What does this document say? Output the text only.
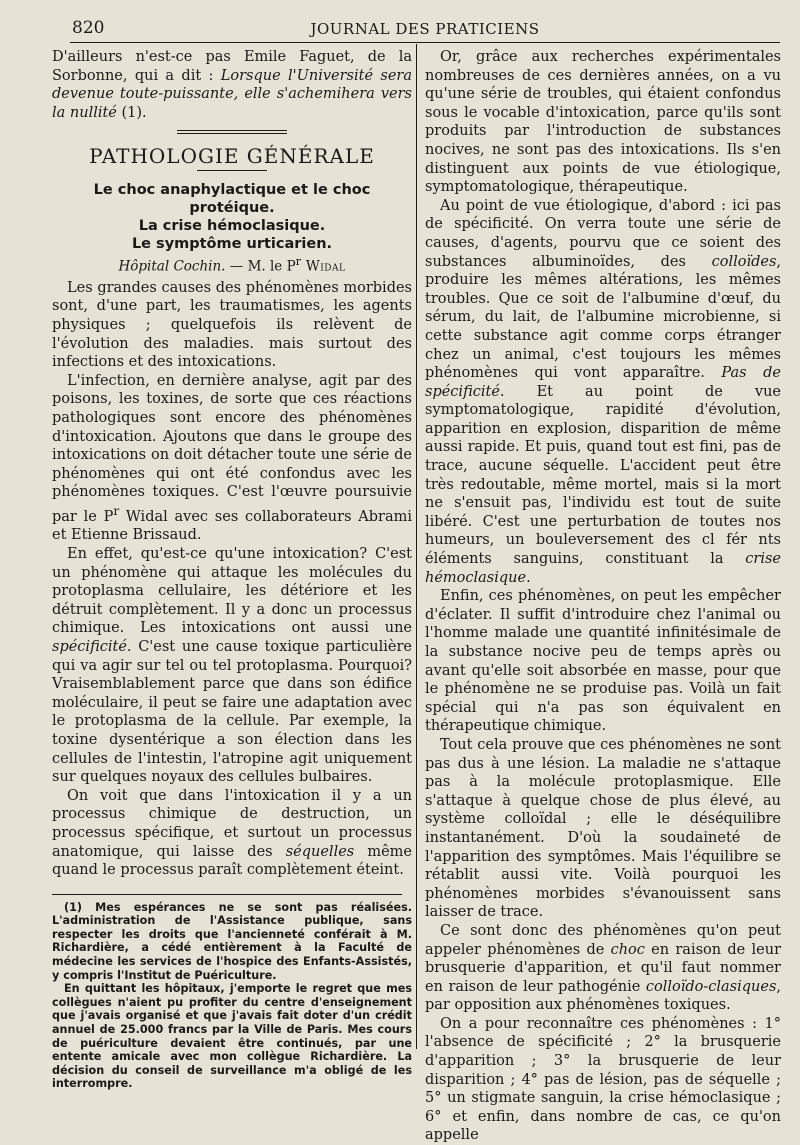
820	JOURNAL DES PRATICIENS

D'ailleurs n'est-ce pas Emile Faguet, de la Sorbonne, qui a dit : Lorsque l'Université sera devenue toute-puissante, elle s'achemihera vers la nullité (1).

PATHOLOGIE GÉNÉRALE
Le choc anaphylactique et le choc protéique.
La crise hémoclasique.
Le symptôme urticarien.
Hôpital Cochin. — M. le $P^r$ Widal

Les grandes causes des phénomènes morbides sont, d'une part, les traumatismes, les agents physiques ; quelquefois ils relèvent de l'évolution des maladies. mais surtout des infections et des intoxications.

L'infection, en dernière analyse, agit par des poisons, les toxines, de sorte que ces réactions pathologiques sont encore des phénomènes d'intoxication. Ajoutons que dans le groupe des intoxications on doit détacher toute une série de phénomènes qui ont été confondus avec les phénomènes toxiques. C'est l'œuvre poursuivie par le $P^r$ Widal avec ses collaborateurs Abrami et Etienne Brissaud.

En effet, qu'est-ce qu'une intoxication? C'est un phénomène qui attaque les molécules du protoplasma cellulaire, les détériore et les détruit complètement. Il y a donc un processus chimique. Les intoxications ont aussi une spécificité. C'est une cause toxique particulière qui va agir sur tel ou tel protoplasma. Pourquoi? Vraisemblablement parce que dans son édifice moléculaire, il peut se faire une adaptation avec le protoplasma de la cellule. Par exemple, la toxine dysentérique a son élection dans les cellules de l'intestin, l'atropine agit uniquement sur quelques noyaux des cellules bulbaires.

On voit que dans l'intoxication il y a un processus chimique de destruction, un processus spécifique, et surtout un processus anatomique, qui laisse des séquelles même quand le processus paraît complètement éteint.

(1) Mes espérances ne se sont pas réalisées. L'administration de l'Assistance publique, sans respecter les droits que l'ancienneté conférait à M. Richardière, a cédé entièrement à la Faculté de médecine les services de l'hospice des Enfants-Assistés, y compris l'Institut de Puériculture.

En quittant les hôpitaux, j'emporte le regret que mes collègues n'aient pu profiter du centre d'enseignement que j'avais organisé et que j'avais fait doter d'un crédit annuel de 25.000 francs par la Ville de Paris. Mes cours de puériculture devaient être continués, par une entente amicale avec mon collègue Richardière. La décision du conseil de surveillance m'a obligé de les interrompre.

Or, grâce aux recherches expérimentales nombreuses de ces dernières années, on a vu qu'une série de troubles, qui étaient confondus sous le vocable d'intoxication, parce qu'ils sont produits par l'introduction de substances nocives, ne sont pas des intoxications. Ils s'en distinguent aux points de vue étiologique, symptomatologique, thérapeutique.

Au point de vue étiologique, d'abord : ici pas de spécificité. On verra toute une série de causes, d'agents, pourvu que ce soient des substances albuminoïdes, des colloïdes, produire les mêmes altérations, les mêmes troubles. Que ce soit de l'albumine d'œuf, du sérum, du lait, de l'albumine microbienne, si cette substance agit comme corps étranger chez un animal, c'est toujours les mêmes phénomènes qui vont apparaître. Pas de spécificité. Et au point de vue symptomatologique, rapidité d'évolution, apparition en explosion, disparition de même aussi rapide. Et puis, quand tout est fini, pas de trace, aucune séquelle. L'accident peut être très redoutable, même mortel, mais si la mort ne s'ensuit pas, l'individu est tout de suite libéré. C'est une perturbation de toutes nos humeurs, un bouleversement des cl fér nts éléments sanguins, constituant la crise hémoclasique.

Enfin, ces phénomènes, on peut les empêcher d'éclater. Il suffit d'introduire chez l'animal ou l'homme malade une quantité infinitésimale de la substance nocive peu de temps après ou avant qu'elle soit absorbée en masse, pour que le phénomène ne se produise pas. Voilà un fait spécial qui n'a pas son équivalent en thérapeutique chimique.

Tout cela prouve que ces phénomènes ne sont pas dus à une lésion. La maladie ne s'attaque pas à la molécule protoplasmique. Elle s'attaque à quelque chose de plus élevé, au système colloïdal ; elle le déséquilibre instantanément. D'où la soudaineté de l'apparition des symptômes. Mais l'équilibre se rétablit aussi vite. Voilà pourquoi les phénomènes morbides s'évanouissent sans laisser de trace.

Ce sont donc des phénomènes qu'on peut appeler phénomènes de choc en raison de leur brusquerie d'apparition, et qu'il faut nommer en raison de leur pathogénie colloïdo-clasiques, par opposition aux phénomènes toxiques.

On a pour reconnaître ces phénomènes : 1° l'absence de spécificité ; 2° la brusquerie d'apparition ; 3° la brusquerie de leur disparition ; 4° pas de lésion, pas de séquelle ; 5° un stigmate sanguin, la crise hémoclasique ; 6° et enfin, dans nombre de cas, ce qu'on appelle
